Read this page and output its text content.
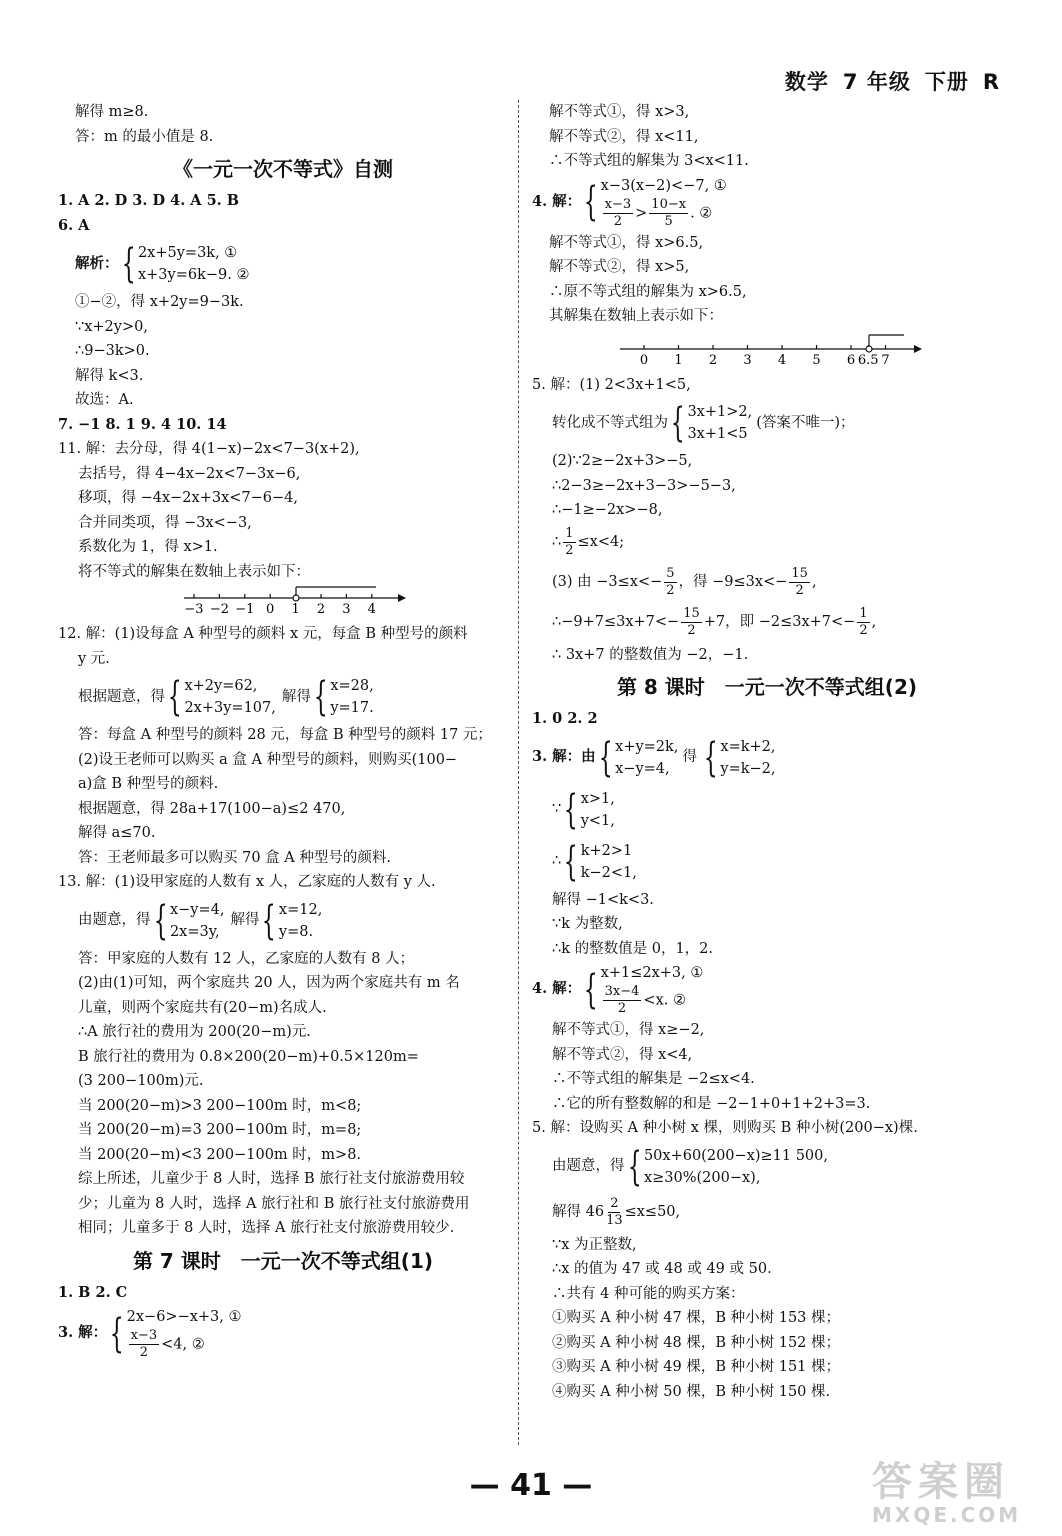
数学 7 年级 下册 R
解得 m≥8.
答：m 的最小值是 8.
《一元一次不等式》自测
1. A 2. D 3. D 4. A 5. B
6. A
解析： { 2x+5y=3k, ①
x+3y=6k−9. ②
①−②，得 x+2y=9−3k.
∵x+2y>0,
∴9−3k>0.
解得 k<3.
故选：A.
7. −1 8. 1 9. 4 10. 14
11. 解：去分母，得 4(1−x)−2x<7−3(x+2),
去括号，得 4−4x−2x<7−3x−6,
移项，得 −4x−2x+3x<7−6−4,
合并同类项，得 −3x<−3,
系数化为 1，得 x>1.
将不等式的解集在数轴上表示如下：
−3 −2 −1 0 1 2 3 4
12. 解：(1)设每盒 A 种型号的颜料 x 元，每盒 B 种型号的颜料
y 元.
根据题意，得 { x+2y=62,
2x+3y=107,
解得 { x=28,
y=17.
答：每盒 A 种型号的颜料 28 元，每盒 B 种型号的颜料 17 元；
(2)设王老师可以购买 a 盒 A 种型号的颜料，则购买(100−
a)盒 B 种型号的颜料.
根据题意，得 28a+17(100−a)≤2 470,
解得 a≤70.
答：王老师最多可以购买 70 盒 A 种型号的颜料.
13. 解：(1)设甲家庭的人数有 x 人，乙家庭的人数有 y 人.
由题意，得 { x−y=4,
2x=3y,
解得 { x=12,
y=8.
答：甲家庭的人数有 12 人，乙家庭的人数有 8 人；
(2)由(1)可知，两个家庭共 20 人，因为两个家庭共有 m 名
儿童，则两个家庭共有(20−m)名成人.
∴A 旅行社的费用为 200(20−m)元.
B 旅行社的费用为 0.8×200(20−m)+0.5×120m=
(3 200−100m)元.
当 200(20−m)>3 200−100m 时，m<8;
当 200(20−m)=3 200−100m 时，m=8;
当 200(20−m)<3 200−100m 时，m>8.
综上所述，儿童少于 8 人时，选择 B 旅行社支付旅游费用较
少；儿童为 8 人时，选择 A 旅行社和 B 旅行社支付旅游费用
相同；儿童多于 8 人时，选择 A 旅行社支付旅游费用较少.
第 7 课时　一元一次不等式组(1)
1. B 2. C
3. 解： { 2x−6>−x+3, ①
$\frac{x-3}{2} <4$, ②
解不等式①，得 x>3,
解不等式②，得 x<11,
∴不等式组的解集为 3<x<11.
4. 解： { x−3(x−2)<−7, ①
$\frac{x-3}{2} > \frac{10-x}{5}$ . ②
解不等式①，得 x>6.5,
解不等式②，得 x>5,
∴原不等式组的解集为 x>6.5,
其解集在数轴上表示如下：
0 1 2 3 4 5 6 6.5 7
5. 解：(1) 2<3x+1<5,
转化成不等式组为 { 3x+1>2,
3x+1<5
(答案不唯一)；
(2)∵2≥−2x+3>−5,
∴2−3≥−2x+3−3>−5−3,
∴−1≥−2x>−8,
∴ $\frac{1}{2} \le x<4$;
(3) 由 $-3\le x<- \frac{5}{2}$ ，得 $-9\le 3x<- \frac{15}{2}$ ,
∴−9+7≤3x+7<− $\frac{15}{2} +7$，即 $-2\le 3x+7<- \frac{1}{2}$ ,
∴ 3x+7 的整数值为 −2，−1.
第 8 课时　一元一次不等式组(2)
1. 0 2. 2
3. 解：由 { x+y=2k,
x−y=4,
得 { x=k+2,
y=k−2,
∵ { x>1,
y<1,
∴ { k+2>1
k−2<1,
解得 −1<k<3.
∵k 为整数,
∴k 的整数值是 0，1，2.
4. 解： { x+1≤2x+3, ①
$\frac{3x-4}{2} <x$. ②
解不等式①，得 x≥−2,
解不等式②，得 x<4,
∴不等式组的解集是 −2≤x<4.
∴它的所有整数解的和是 −2−1+0+1+2+3=3.
5. 解：设购买 A 种小树 x 棵，则购买 B 种小树(200−x)棵.
由题意，得 { 50x+60(200−x)≥11 500,
x≥30%(200−x),
解得 $46 \frac{2}{13} \le x\le 50$,
∵x 为正整数,
∴x 的值为 47 或 48 或 49 或 50.
∴共有 4 种可能的购买方案：
①购买 A 种小树 47 棵，B 种小树 153 棵；
②购买 A 种小树 48 棵，B 种小树 152 棵；
③购买 A 种小树 49 棵，B 种小树 151 棵；
④购买 A 种小树 50 棵，B 种小树 150 棵.
— 41 —	答案圈
MXQE.COM
